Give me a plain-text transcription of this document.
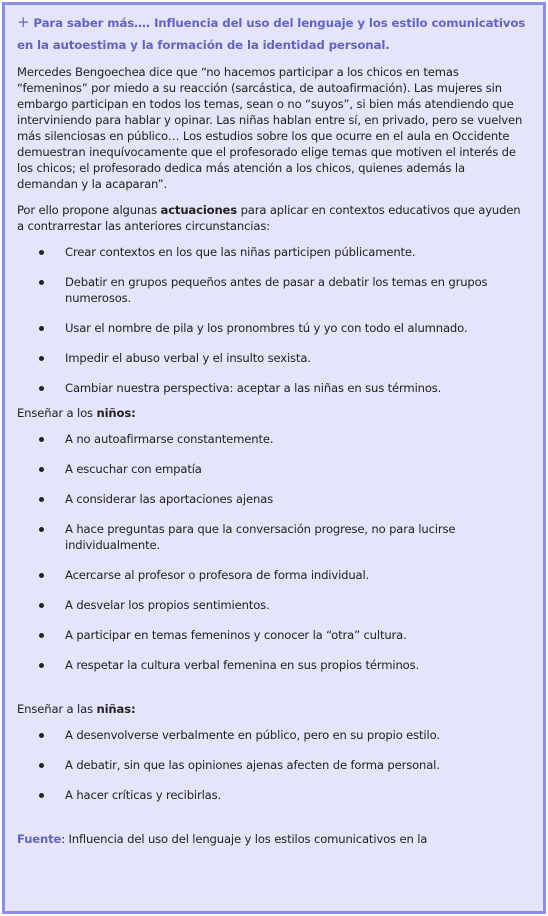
+ Para saber más…. Influencia del uso del lenguaje y los estilo comunicativos en la autoestima y la formación de la identidad personal.

Mercedes Bengoechea dice que “no hacemos participar a los chicos en temas “femeninos” por miedo a su reacción (sarcástica, de autoafirmación). Las mujeres sin embargo participan en todos los temas, sean o no “suyos”, si bien más atendiendo que interviniendo para hablar y opinar. Las niñas hablan entre sí, en privado, pero se vuelven más silenciosas en público… Los estudios sobre los que ocurre en el aula en Occidente demuestran inequívocamente que el profesorado elige temas que motiven el interés de los chicos; el profesorado dedica más atención a los chicos, quienes además la demandan y la acaparan”.

Por ello propone algunas actuaciones para aplicar en contextos educativos que ayuden a contrarrestar las anteriores circunstancias:

Crear contextos en los que las niñas participen públicamente.
Debatir en grupos pequeños antes de pasar a debatir los temas en grupos numerosos.
Usar el nombre de pila y los pronombres tú y yo con todo el alumnado.
Impedir el abuso verbal y el insulto sexista.
Cambiar nuestra perspectiva: aceptar a las niñas en sus términos.

Enseñar a los niños:

A no autoafirmarse constantemente.
A escuchar con empatía
A considerar las aportaciones ajenas
A hace preguntas para que la conversación progrese, no para lucirse individualmente.
Acercarse al profesor o profesora de forma individual.
A desvelar los propios sentimientos.
A participar en temas femeninos y conocer la “otra” cultura.
A respetar la cultura verbal femenina en sus propios términos.

Enseñar a las niñas:

A desenvolverse verbalmente en público, pero en su propio estilo.
A debatir, sin que las opiniones ajenas afecten de forma personal.
A hacer críticas y recibirlas.

Fuente: Influencia del uso del lenguaje y los estilos comunicativos en la
